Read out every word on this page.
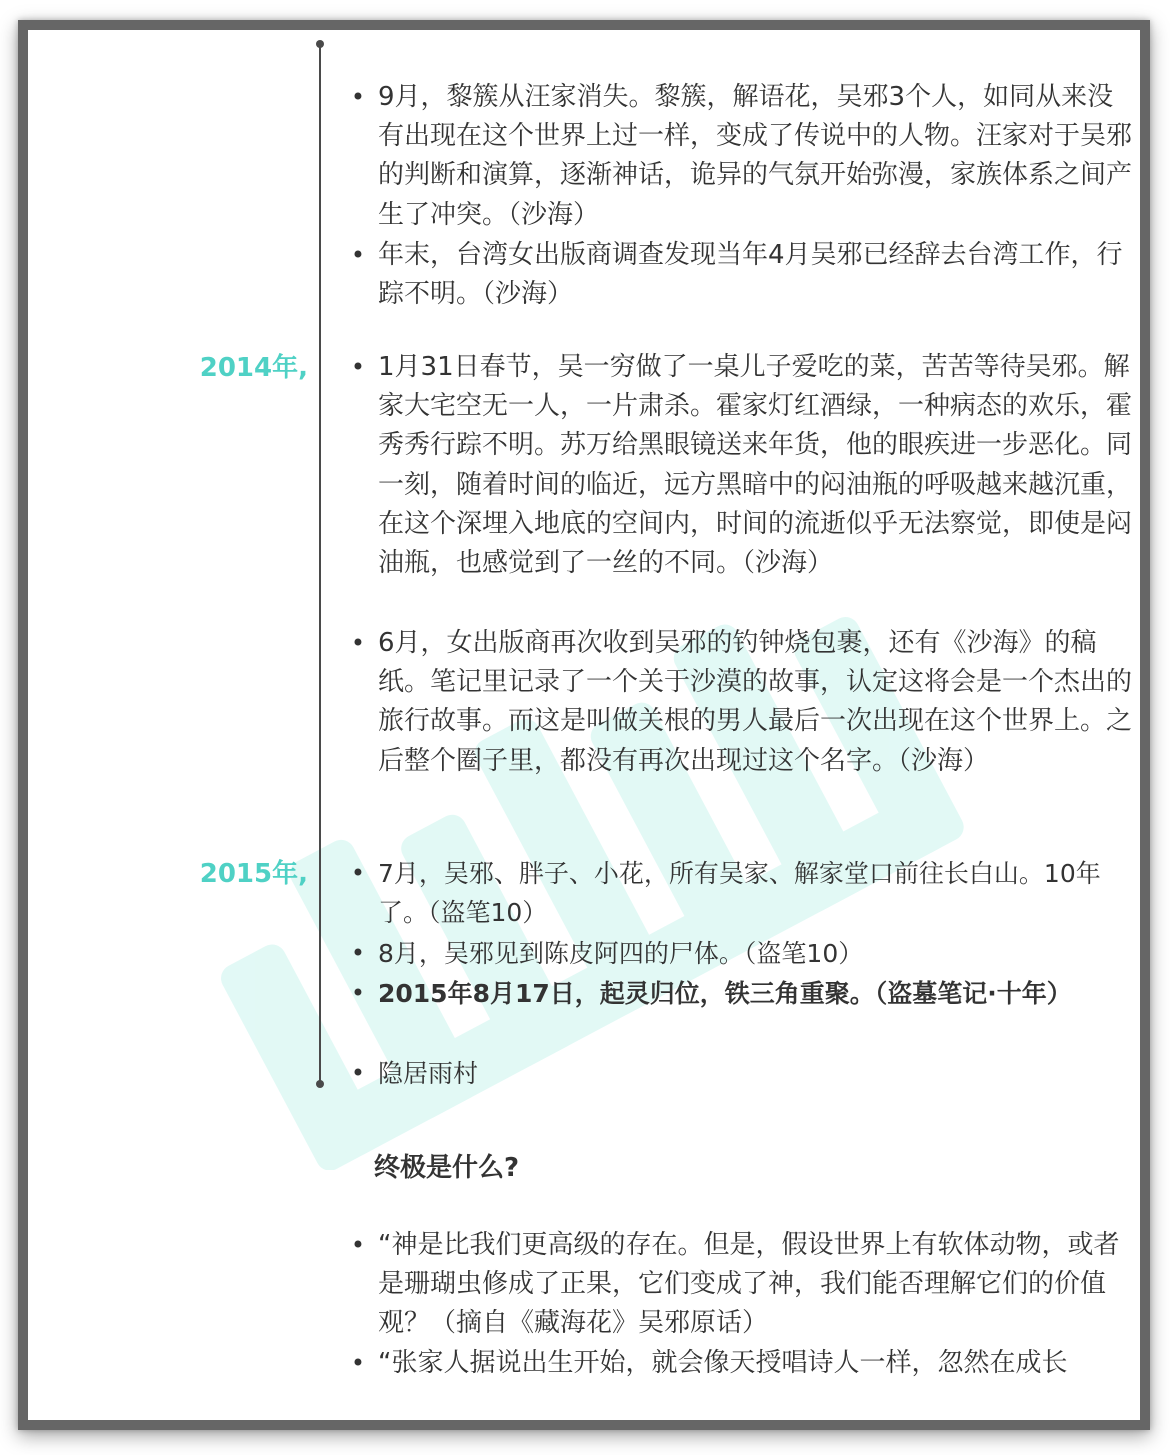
2014年,
2015年,
• 9月，黎簇从汪家消失。黎簇，解语花，吴邪3个人，如同从来没有出现在这个世界上过一样，变成了传说中的人物。汪家对于吴邪的判断和演算，逐渐神话，诡异的气氛开始弥漫，家族体系之间产生了冲突。（沙海）
• 年末，台湾女出版商调查发现当年4月吴邪已经辞去台湾工作，行踪不明。（沙海）
• 1月31日春节，吴一穷做了一桌儿子爱吃的菜，苦苦等待吴邪。解家大宅空无一人，一片肃杀。霍家灯红酒绿，一种病态的欢乐，霍秀秀行踪不明。苏万给黑眼镜送来年货，他的眼疾进一步恶化。同一刻，随着时间的临近，远方黑暗中的闷油瓶的呼吸越来越沉重，在这个深埋入地底的空间内，时间的流逝似乎无法察觉，即使是闷油瓶，也感觉到了一丝的不同。（沙海）
• 6月，女出版商再次收到吴邪的钓钟烧包裹，还有《沙海》的稿纸。笔记里记录了一个关于沙漠的故事，认定这将会是一个杰出的旅行故事。而这是叫做关根的男人最后一次出现在这个世界上。之后整个圈子里，都没有再次出现过这个名字。（沙海）
• 7月，吴邪、胖子、小花，所有吴家、解家堂口前往长白山。10年了。（盗笔10）
• 8月，吴邪见到陈皮阿四的尸体。（盗笔10）
• 2015年8月17日，起灵归位，铁三角重聚。（盗墓笔记·十年）
• 隐居雨村
终极是什么?
• “神是比我们更高级的存在。但是，假设世界上有软体动物，或者是珊瑚虫修成了正果，它们变成了神，我们能否理解它们的价值观？（摘自《藏海花》吴邪原话）
• “张家人据说出生开始，就会像天授唱诗人一样，忽然在成长
